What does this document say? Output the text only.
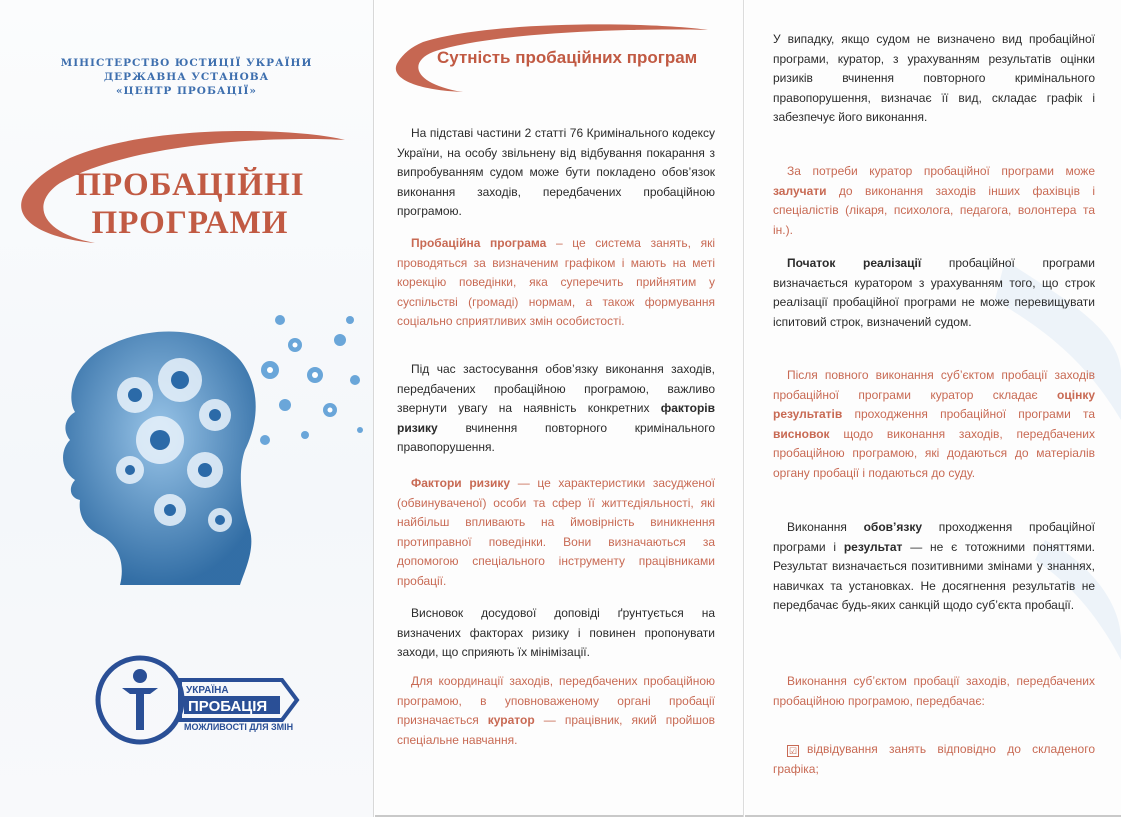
МІНІСТЕРСТВО ЮСТИЦІЇ УКРАЇНИ
ДЕРЖАВНА УСТАНОВА
«ЦЕНТР ПРОБАЦІЇ»
ПРОБАЦІЙНІ
ПРОГРАМИ
УКРАЇНА
ПРОБАЦІЯ
МОЖЛИВОСТІ ДЛЯ ЗМІН
Сутність пробаційних програм
На підставі частини 2 статті 76 Кримінального кодексу України, на особу звільнену від відбування покарання з випробуванням судом може бути покладено обов’язок виконання заходів, передбачених пробаційною програмою.
Пробаційна програма – це система занять, які проводяться за визначеним графіком і мають на меті корекцію поведінки, яка суперечить прийнятим у суспільстві (громаді) нормам, а також формування соціально сприятливих змін особистості.
Під час застосування обов’язку виконання заходів, передбачених пробаційною програмою, важливо звернути увагу на наявність конкретних факторів ризику вчинення повторного кримінального правопорушення.
Фактори ризику — це характеристики засудженої (обвинуваченої) особи та сфер її життєдіяльності, які найбільш впливають на ймовірність виникнення протиправної поведінки. Вони визначаються за допомогою спеціального інструменту працівниками пробації.
Висновок досудової доповіді ґрунтується на визначених факторах ризику і повинен пропонувати заходи, що сприяють їх мінімізації.
Для координації заходів, передбачених пробаційною програмою, в уповноваженому органі пробації призначається куратор — працівник, який пройшов спеціальне навчання.
У випадку, якщо судом не визначено вид пробаційної програми, куратор, з урахуванням результатів оцінки ризиків вчинення повторного кримінального правопорушення, визначає її вид, складає графік і забезпечує його виконання.
За потреби куратор пробаційної програми може залучати до виконання заходів інших фахівців і спеціалістів (лікаря, психолога, педагога, волонтера та ін.).
Початок реалізації пробаційної програми визначається куратором з урахуванням того, що строк реалізації пробаційної програми не може перевищувати іспитовий строк, визначений судом.
Після повного виконання суб’єктом пробації заходів пробаційної програми куратор складає оцінку результатів проходження пробаційної програми та висновок щодо виконання заходів, передбачених пробаційною програмою, які додаються до матеріалів органу пробації і подаються до суду.
Виконання обов’язку проходження пробаційної програми і результат — не є тотожними поняттями. Результат визначається позитивними змінами у знаннях, навичках та установках. Не досягнення результатів не передбачає будь-яких санкцій щодо суб’єкта пробації.
Виконання суб’єктом пробації заходів, передбачених пробаційною програмою, передбачає:
☑ відвідування занять відповідно до складеного графіка;
